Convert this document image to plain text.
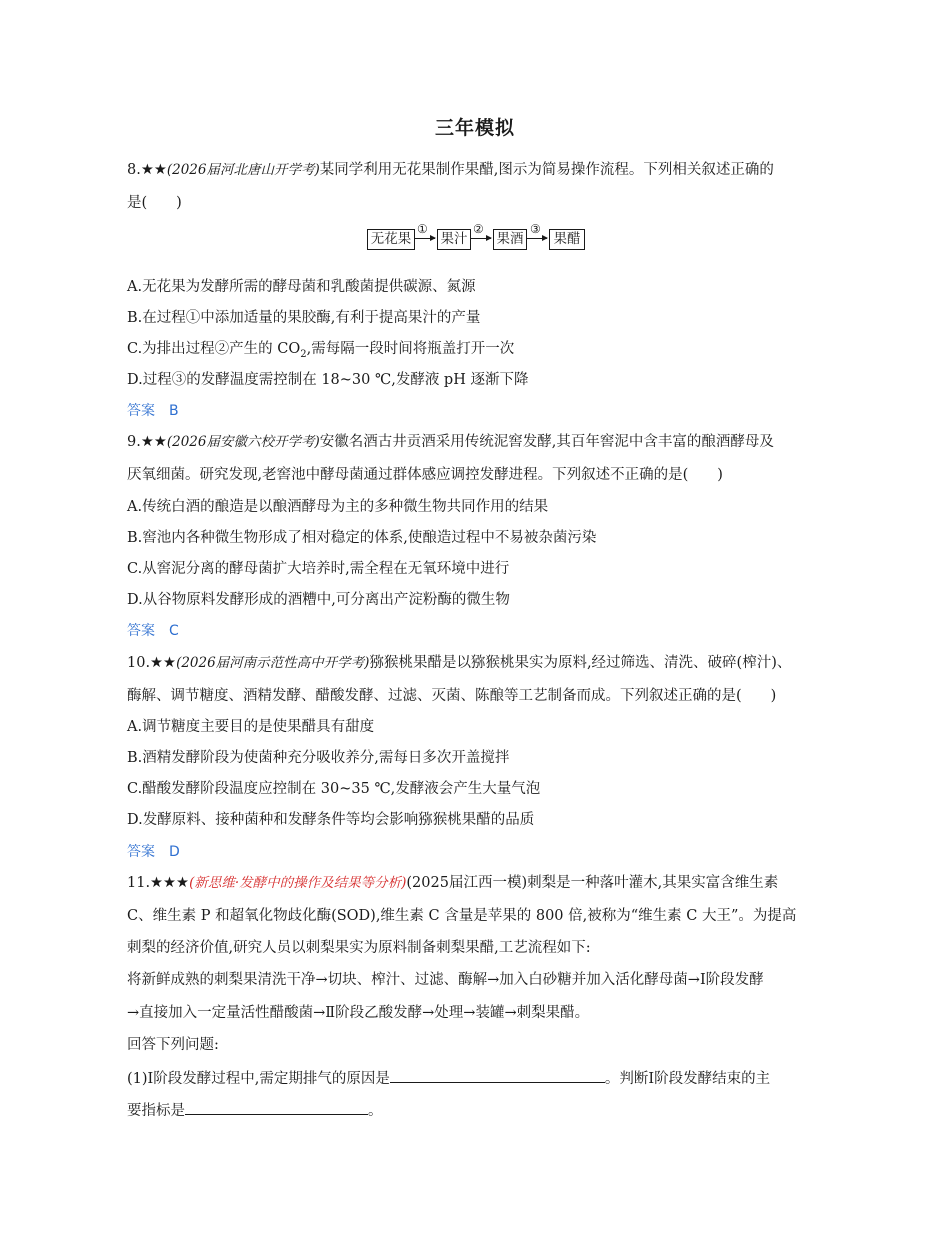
三年模拟
8.★★(2026届河北唐山开学考)某同学利用无花果制作果醋,图示为简易操作流程。下列相关叙述正确的
是(　　)
无花果
①
果汁
②
果酒
③
果醋
A.无花果为发酵所需的酵母菌和乳酸菌提供碳源、氮源
B.在过程①中添加适量的果胶酶,有利于提高果汁的产量
C.为排出过程②产生的 $CO_2$,需每隔一段时间将瓶盖打开一次
D.过程③的发酵温度需控制在 18~30 ℃,发酵液 pH 逐渐下降
答案　B
9.★★(2026届安徽六校开学考)安徽名酒古井贡酒采用传统泥窖发酵,其百年窖泥中含丰富的酿酒酵母及
厌氧细菌。研究发现,老窖池中酵母菌通过群体感应调控发酵进程。下列叙述不正确的是(　　)
A.传统白酒的酿造是以酿酒酵母为主的多种微生物共同作用的结果
B.窖池内各种微生物形成了相对稳定的体系,使酿造过程中不易被杂菌污染
C.从窖泥分离的酵母菌扩大培养时,需全程在无氧环境中进行
D.从谷物原料发酵形成的酒糟中,可分离出产淀粉酶的微生物
答案　C
10.★★(2026届河南示范性高中开学考)猕猴桃果醋是以猕猴桃果实为原料,经过筛选、清洗、破碎(榨汁)、
酶解、调节糖度、酒精发酵、醋酸发酵、过滤、灭菌、陈酿等工艺制备而成。下列叙述正确的是(　　)
A.调节糖度主要目的是使果醋具有甜度
B.酒精发酵阶段为使菌种充分吸收养分,需每日多次开盖搅拌
C.醋酸发酵阶段温度应控制在 30~35 ℃,发酵液会产生大量气泡
D.发酵原料、接种菌种和发酵条件等均会影响猕猴桃果醋的品质
答案　D
11.★★★(新思维·发酵中的操作及结果等分析)(2025届江西一模)刺梨是一种落叶灌木,其果实富含维生素
C、维生素 P 和超氧化物歧化酶(SOD),维生素 C 含量是苹果的 800 倍,被称为“维生素 C 大王”。为提高
刺梨的经济价值,研究人员以刺梨果实为原料制备刺梨果醋,工艺流程如下:
将新鲜成熟的刺梨果清洗干净→切块、榨汁、过滤、酶解→加入白砂糖并加入活化酵母菌→Ⅰ阶段发酵
→直接加入一定量活性醋酸菌→Ⅱ阶段乙酸发酵→处理→装罐→刺梨果醋。
回答下列问题:
(1)Ⅰ阶段发酵过程中,需定期排气的原因是	。判断Ⅰ阶段发酵结束的主
要指标是	。
